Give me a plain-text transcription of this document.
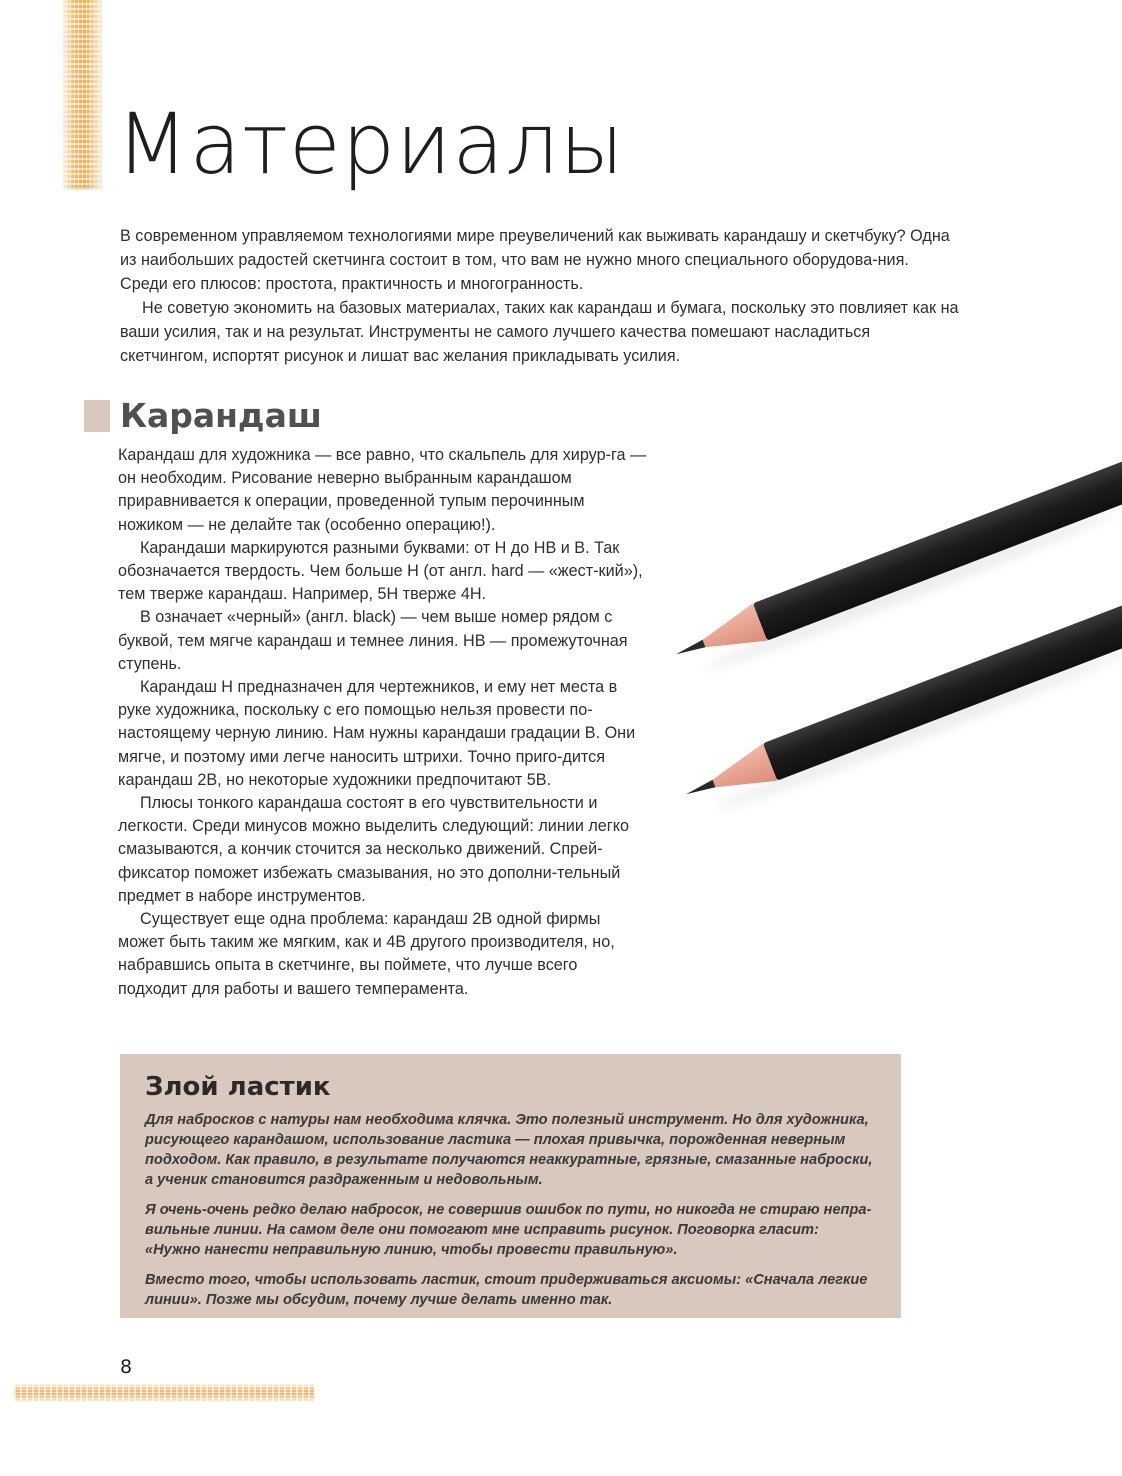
Материалы

В современном управляемом технологиями мире преувеличений как выживать карандашу и скетчбуку? Одна из наибольших радостей скетчинга состоит в том, что вам не нужно много специального оборудова-ния. Среди его плюсов: простота, практичность и многогранность.

Не советую экономить на базовых материалах, таких как карандаш и бумага, поскольку это повлияет как на ваши усилия, так и на результат. Инструменты не самого лучшего качества помешают насладиться скетчингом, испортят рисунок и лишат вас желания прикладывать усилия.

Карандаш

Карандаш для художника — все равно, что скальпель для хирур-га — он необходим. Рисование неверно выбранным карандашом приравнивается к операции, проведенной тупым перочинным ножиком — не делайте так (особенно операцию!).

Карандаши маркируются разными буквами: от H до HB и B. Так обозначается твердость. Чем больше H (от англ. hard — «жест-кий»), тем тверже карандаш. Например, 5H тверже 4H.

B означает «черный» (англ. black) — чем выше номер рядом с буквой, тем мягче карандаш и темнее линия. HB — промежуточная ступень.

Карандаш H предназначен для чертежников, и ему нет места в руке художника, поскольку с его помощью нельзя провести по-настоящему черную линию. Нам нужны карандаши градации B. Они мягче, и поэтому ими легче наносить штрихи. Точно приго-дится карандаш 2B, но некоторые художники предпочитают 5B.

Плюсы тонкого карандаша состоят в его чувствительности и легкости. Среди минусов можно выделить следующий: линии легко смазываются, а кончик сточится за несколько движений. Спрей-фиксатор поможет избежать смазывания, но это дополни-тельный предмет в наборе инструментов.

Существует еще одна проблема: карандаш 2B одной фирмы может быть таким же мягким, как и 4B другого производителя, но, набравшись опыта в скетчинге, вы поймете, что лучше всего подходит для работы и вашего темперамента.

Злой ластик

Для набросков с натуры нам необходима клячка. Это полезный инструмент. Но для художника, рисующего карандашом, использование ластика — плохая привычка, порожденная неверным подходом. Как правило, в результате получаются неаккуратные, грязные, смазанные наброски, а ученик становится раздраженным и недовольным.

Я очень-очень редко делаю набросок, не совершив ошибок по пути, но никогда не стираю непра-вильные линии. На самом деле они помогают мне исправить рисунок. Поговорка гласит: «Нужно нанести неправильную линию, чтобы провести правильную».

Вместо того, чтобы использовать ластик, стоит придерживаться аксиомы: «Сначала легкие линии». Позже мы обсудим, почему лучше делать именно так.

8
